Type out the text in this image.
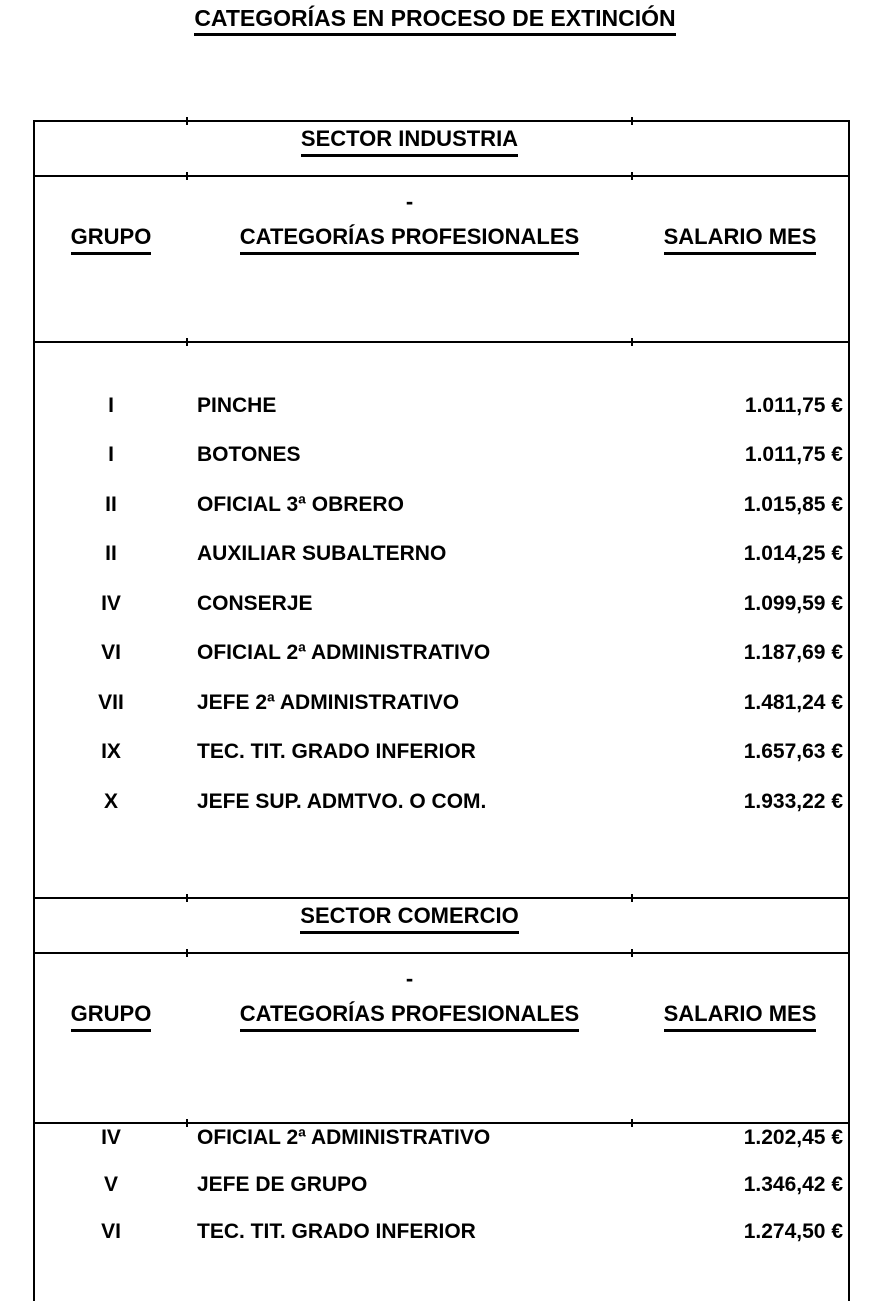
CATEGORÍAS EN PROCESO DE EXTINCIÓN
SECTOR INDUSTRIA
-
GRUPO	CATEGORÍAS PROFESIONALES	SALARIO MES
I	PINCHE	1.011,75 €
I	BOTONES	1.011,75 €
II	OFICIAL 3ª OBRERO	1.015,85 €
II	AUXILIAR SUBALTERNO	1.014,25 €
IV	CONSERJE	1.099,59 €
VI	OFICIAL 2ª ADMINISTRATIVO	1.187,69 €
VII	JEFE 2ª ADMINISTRATIVO	1.481,24 €
IX	TEC. TIT. GRADO INFERIOR	1.657,63 €
X	JEFE SUP. ADMTVO. O COM.	1.933,22 €
SECTOR COMERCIO
-
GRUPO	CATEGORÍAS PROFESIONALES	SALARIO MES
IV	OFICIAL 2ª ADMINISTRATIVO	1.202,45 €
V	JEFE DE GRUPO	1.346,42 €
VI	TEC. TIT. GRADO INFERIOR	1.274,50 €
